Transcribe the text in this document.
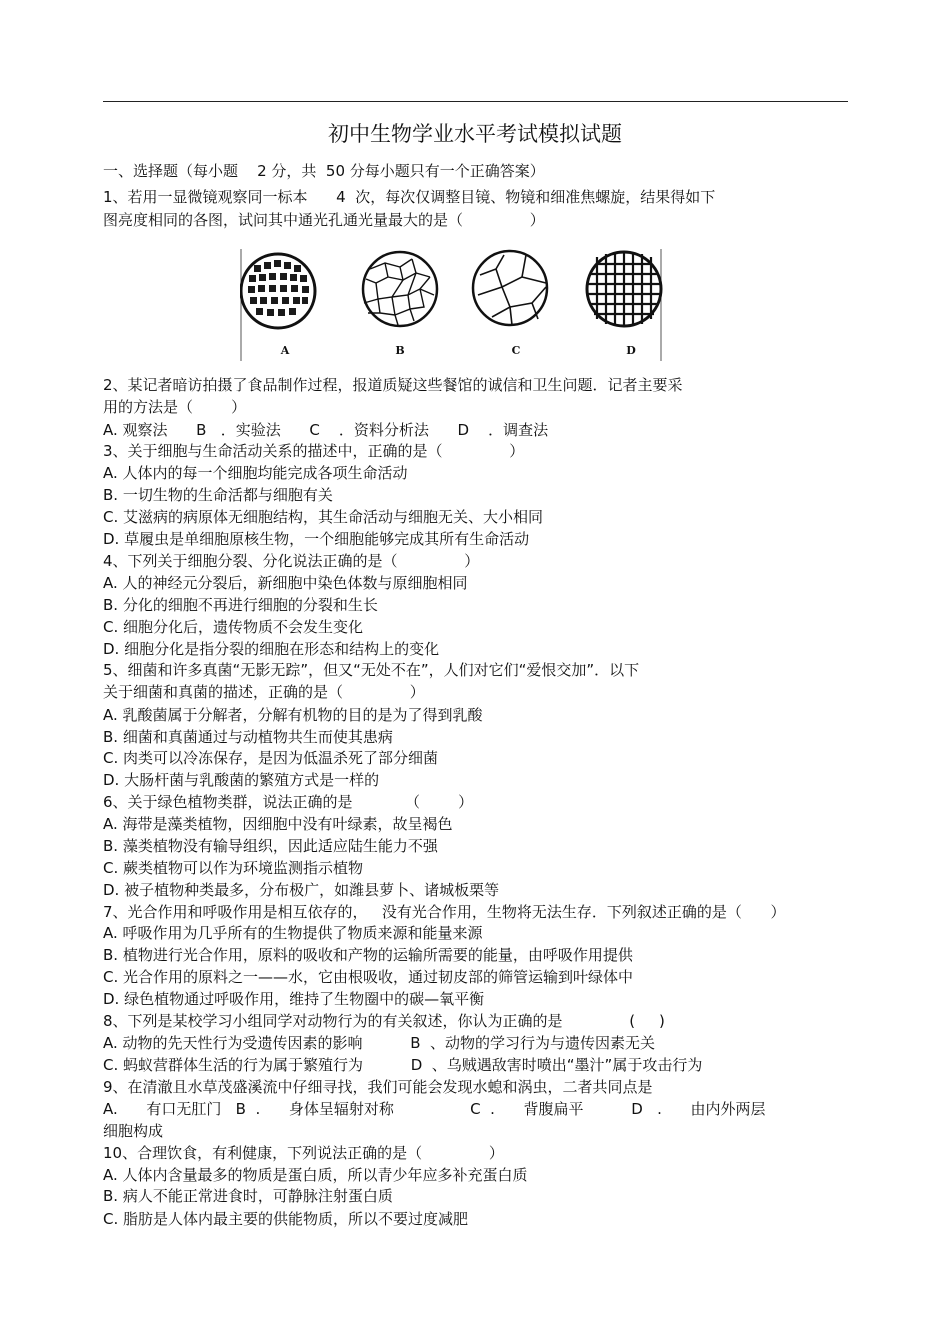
初中生物学业水平考试模拟试题
一、选择题（每小题    2 分，共  50 分每小题只有一个正确答案）
1、若用一显微镜观察同一标本      4  次，每次仅调整目镜、物镜和细准焦螺旋，结果得如下
图亮度相同的各图，试问其中通光孔通光量最大的是（              ）
A	B	C	D
2、某记者暗访拍摄了食品制作过程，报道质疑这些餐馆的诚信和卫生问题．记者主要采
用的方法是（        ）
A. 观察法      B   ．实验法      C    ．资料分析法      D    ．调查法
3、关于细胞与生命活动关系的描述中，正确的是（              ）
A. 人体内的每一个细胞均能完成各项生命活动
B. 一切生物的生命活都与细胞有关
C. 艾滋病的病原体无细胞结构，其生命活动与细胞无关、大小相同
D. 草履虫是单细胞原核生物，一个细胞能够完成其所有生命活动
4、下列关于细胞分裂、分化说法正确的是（              ）
A. 人的神经元分裂后，新细胞中染色体数与原细胞相同
B. 分化的细胞不再进行细胞的分裂和生长
C. 细胞分化后，遗传物质不会发生变化
D. 细胞分化是指分裂的细胞在形态和结构上的变化
5、细菌和许多真菌“无影无踪”，但又“无处不在”，人们对它们“爱恨交加”．以下
关于细菌和真菌的描述，正确的是（              ）
A. 乳酸菌属于分解者，分解有机物的目的是为了得到乳酸
B. 细菌和真菌通过与动植物共生而使其患病
C. 肉类可以冷冻保存，是因为低温杀死了部分细菌
D. 大肠杆菌与乳酸菌的繁殖方式是一样的
6、关于绿色植物类群，说法正确的是           （        ）
A. 海带是藻类植物，因细胞中没有叶绿素，故呈褐色
B. 藻类植物没有输导组织，因此适应陆生能力不强
C. 蕨类植物可以作为环境监测指示植物
D. 被子植物种类最多，分布极广，如潍县萝卜、诸城板栗等
7、光合作用和呼吸作用是相互依存的，   没有光合作用，生物将无法生存．下列叙述正确的是（      ）
A. 呼吸作用为几乎所有的生物提供了物质来源和能量来源
B. 植物进行光合作用，原料的吸收和产物的运输所需要的能量，由呼吸作用提供
C. 光合作用的原料之一——水，它由根吸收，通过韧皮部的筛管运输到叶绿体中
D. 绿色植物通过呼吸作用，维持了生物圈中的碳—氧平衡
8、下列是某校学习小组同学对动物行为的有关叙述，你认为正确的是              (     )
A. 动物的先天性行为受遗传因素的影响          B  、动物的学习行为与遗传因素无关
C. 蚂蚁营群体生活的行为属于繁殖行为          D  、乌贼遇敌害时喷出“墨汁”属于攻击行为
9、在清澈且水草茂盛溪流中仔细寻找，我们可能会发现水螅和涡虫，二者共同点是
A.      有口无肛门   B  .      身体呈辐射对称                C  .      背腹扁平          D   .      由内外两层
细胞构成
10、合理饮食，有利健康，下列说法正确的是（              ）
A. 人体内含量最多的物质是蛋白质，所以青少年应多补充蛋白质
B. 病人不能正常进食时，可静脉注射蛋白质
C. 脂肪是人体内最主要的供能物质，所以不要过度减肥
